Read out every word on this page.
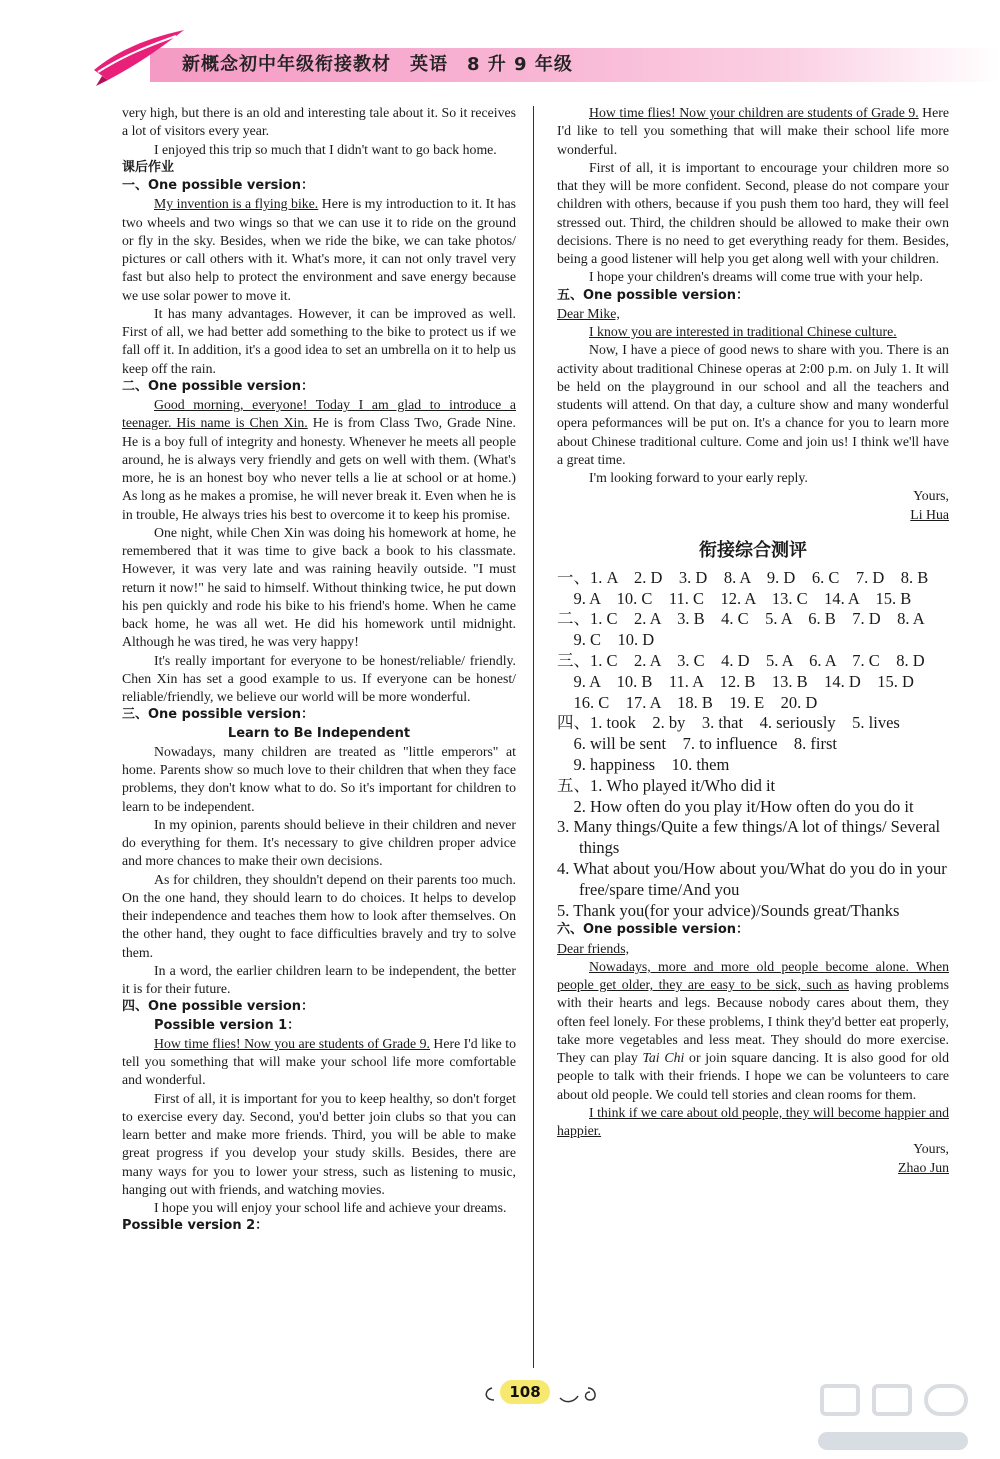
新概念初中年级衔接教材　英语　8 升 9 年级

very high, but there is an old and interesting tale about it. So it receives a lot of visitors every year.

I enjoyed this trip so much that I didn't want to go back home.

课后作业

一、One possible version：

My invention is a flying bike. Here is my introduction to it. It has two wheels and two wings so that we can use it to ride on the ground or fly in the sky. Besides, when we ride the bike, we can take photos/ pictures or call others with it. What's more, it can not only travel very fast but also help to protect the environment and save energy because we use solar power to move it.

It has many advantages. However, it can be improved as well. First of all, we had better add something to the bike to protect us if we fall off it. In addition, it's a good idea to set an umbrella on it to help us keep off the rain.

二、One possible version：

Good morning, everyone! Today I am glad to introduce a teenager. His name is Chen Xin. He is from Class Two, Grade Nine. He is a boy full of integrity and honesty. Whenever he meets all people around, he is always very friendly and gets on well with them. (What's more, he is an honest boy who never tells a lie at school or at home.) As long as he makes a promise, he will never break it. Even when he is in trouble, He always tries his best to overcome it to keep his promise.

One night, while Chen Xin was doing his homework at home, he remembered that it was time to give back a book to his classmate. However, it was very late and was raining heavily outside. "I must return it now!" he said to himself. Without thinking twice, he put down his pen quickly and rode his bike to his friend's home. When he came back home, he was all wet. He did his homework until midnight. Although he was tired, he was very happy!

It's really important for everyone to be honest/reliable/ friendly. Chen Xin has set a good example to us. If everyone can be honest/ reliable/friendly, we believe our world will be more wonderful.

三、One possible version：

Learn to Be Independent

Nowadays, many children are treated as "little emperors" at home. Parents show so much love to their children that when they face problems, they don't know what to do. So it's important for children to learn to be independent.

In my opinion, parents should believe in their children and never do everything for them. It's necessary to give children proper advice and more chances to make their own decisions.

As for children, they shouldn't depend on their parents too much. On the one hand, they should learn to do choices. It helps to develop their independence and teaches them how to look after themselves. On the other hand, they ought to face difficulties bravely and try to solve them.

In a word, the earlier children learn to be independent, the better it is for their future.

四、One possible version：

Possible version 1：

How time flies! Now you are students of Grade 9. Here I'd like to tell you something that will make your school life more comfortable and wonderful.

First of all, it is important for you to keep healthy, so don't forget to exercise every day. Second, you'd better join clubs so that you can learn better and make more friends. Third, you will be able to make great progress if you develop your study skills. Besides, there are many ways for you to lower your stress, such as listening to music, hanging out with friends, and watching movies.

I hope you will enjoy your school life and achieve your dreams.

Possible version 2：

How time flies! Now your children are students of Grade 9. Here I'd like to tell you something that will make their school life more wonderful.

First of all, it is important to encourage your children more so that they will be more confident. Second, please do not compare your children with others, because if you push them too hard, they will feel stressed out. Third, the children should be allowed to make their own decisions. There is no need to get everything ready for them. Besides, being a good listener will help you get along well with your children.

I hope your children's dreams will come true with your help.

五、One possible version：

Dear Mike,

I know you are interested in traditional Chinese culture.

Now, I have a piece of good news to share with you. There is an activity about traditional Chinese operas at 2:00 p.m. on July 1. It will be held on the playground in our school and all the teachers and students will attend. On that day, a culture show and many wonderful opera peformances will be put on. It's a chance for you to learn more about Chinese traditional culture. Come and join us! I think we'll have a great time.

I'm looking forward to your early reply.

Yours,

Li Hua

衔接综合测评

一、1. A　2. D　3. D　8. A　9. D　6. C　7. D　8. B

　9. A　10. C　11. C　12. A　13. C　14. A　15. B

二、1. C　2. A　3. B　4. C　5. A　6. B　7. D　8. A

　9. C　10. D

三、1. C　2. A　3. C　4. D　5. A　6. A　7. C　8. D

　9. A　10. B　11. A　12. B　13. B　14. D　15. D

　16. C　17. A　18. B　19. E　20. D

四、1. took　2. by　3. that　4. seriously　5. lives

　6. will be sent　7. to influence　8. first

　9. happiness　10. them

五、1. Who played it/Who did it

　2. How often do you play it/How often do you do it

3. Many things/Quite a few things/A lot of things/ Several things

4. What about you/How about you/What do you do in your free/spare time/And you

5. Thank you(for your advice)/Sounds great/Thanks

六、One possible version：

Dear friends,

Nowadays, more and more old people become alone. When people get older, they are easy to be sick, such as having problems with their hearts and legs. Because nobody cares about them, they often feel lonely. For these problems, I think they'd better eat properly, take more vegetables and less meat. They should do more exercise. They can play Tai Chi or join square dancing. It is also good for old people to talk with their friends. I hope we can be volunteers to care about old people. We could tell stories and clean rooms for them.

I think if we care about old people, they will become happier and happier.

Yours,

Zhao Jun

108
